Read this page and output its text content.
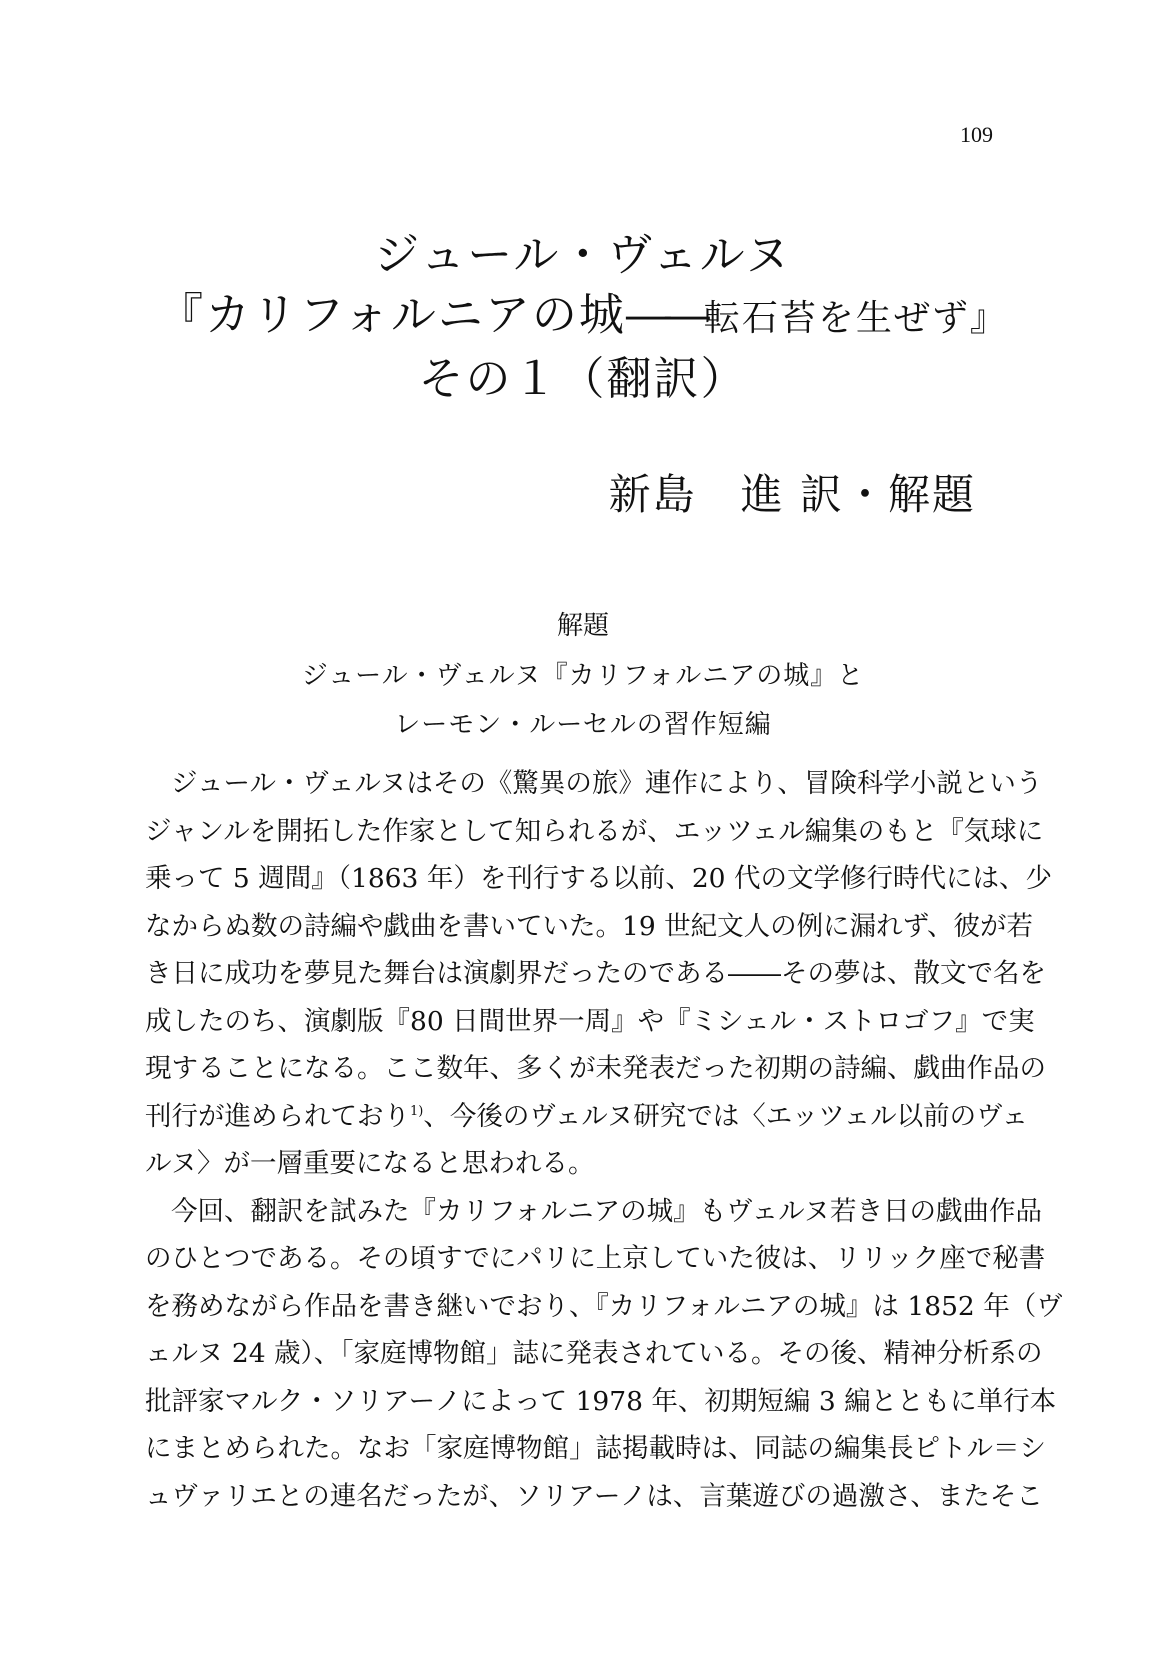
109
ジュール・ヴェルヌ
『カリフォルニアの城――転石苔を生ぜず』
その１（翻訳）
新島　進 訳・解題
解題
ジュール・ヴェルヌ『カリフォルニアの城』と
レーモン・ルーセルの習作短編
ジュール・ヴェルヌはその《驚異の旅》連作により、冒険科学小説という
ジャンルを開拓した作家として知られるが、エッツェル編集のもと『気球に
乗って 5 週間』（1863 年）を刊行する以前、20 代の文学修行時代には、少
なからぬ数の詩編や戯曲を書いていた。19 世紀文人の例に漏れず、彼が若
き日に成功を夢見た舞台は演劇界だったのである――その夢は、散文で名を
成したのち、演劇版『80 日間世界一周』や『ミシェル・ストロゴフ』で実
現することになる。ここ数年、多くが未発表だった初期の詩編、戯曲作品の
刊行が進められており$^{1)}$、今後のヴェルヌ研究では〈エッツェル以前のヴェ
ルヌ〉が一層重要になると思われる。
今回、翻訳を試みた『カリフォルニアの城』もヴェルヌ若き日の戯曲作品
のひとつである。その頃すでにパリに上京していた彼は、リリック座で秘書
を務めながら作品を書き継いでおり、『カリフォルニアの城』は 1852 年（ヴ
ェルヌ 24 歳）、「家庭博物館」誌に発表されている。その後、精神分析系の
批評家マルク・ソリアーノによって 1978 年、初期短編 3 編とともに単行本
にまとめられた。なお「家庭博物館」誌掲載時は、同誌の編集長ピトル＝シ
ュヴァリエとの連名だったが、ソリアーノは、言葉遊びの過激さ、またそこ
